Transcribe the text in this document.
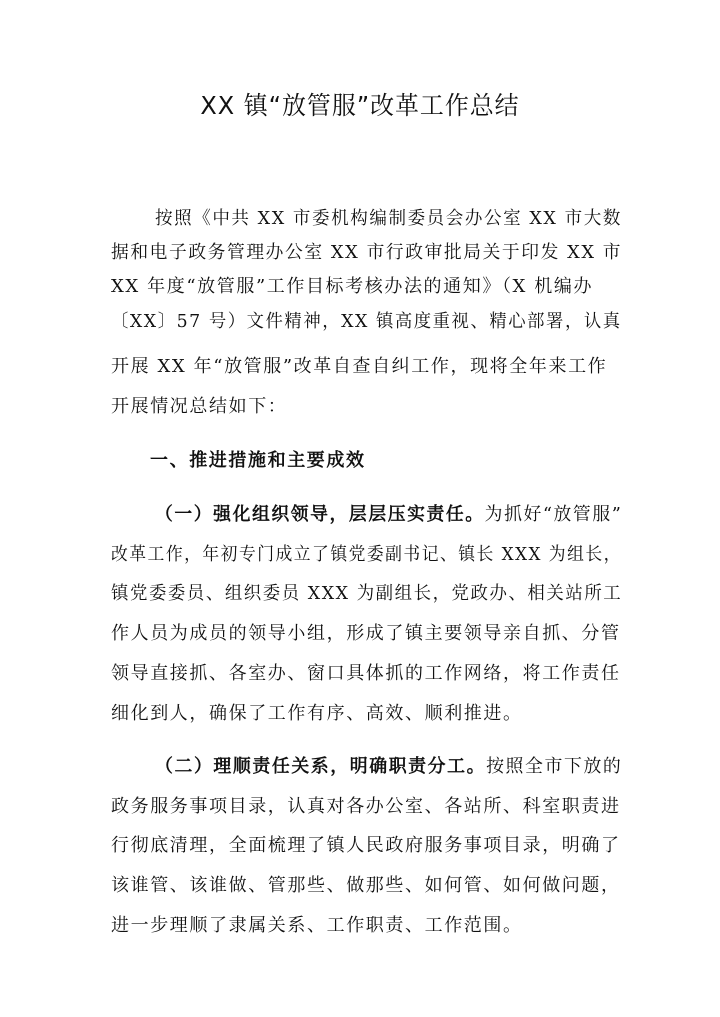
XX 镇“放管服”改革工作总结
按照《中共 XX 市委机构编制委员会办公室 XX 市大数
据和电子政务管理办公室 XX 市行政审批局关于印发 XX 市
XX 年度“放管服”工作目标考核办法的通知》（X 机编办
〔XX〕57 号）文件精神，XX 镇高度重视、精心部署，认真
开展 XX 年“放管服”改革自查自纠工作，现将全年来工作
开展情况总结如下：
一、推进措施和主要成效
（一）强化组织领导，层层压实责任。为抓好“放管服”
改革工作，年初专门成立了镇党委副书记、镇长 XXX 为组长，
镇党委委员、组织委员 XXX 为副组长，党政办、相关站所工
作人员为成员的领导小组，形成了镇主要领导亲自抓、分管
领导直接抓、各室办、窗口具体抓的工作网络，将工作责任
细化到人，确保了工作有序、高效、顺利推进。
（二）理顺责任关系，明确职责分工。按照全市下放的
政务服务事项目录，认真对各办公室、各站所、科室职责进
行彻底清理，全面梳理了镇人民政府服务事项目录，明确了
该谁管、该谁做、管那些、做那些、如何管、如何做问题，
进一步理顺了隶属关系、工作职责、工作范围。
